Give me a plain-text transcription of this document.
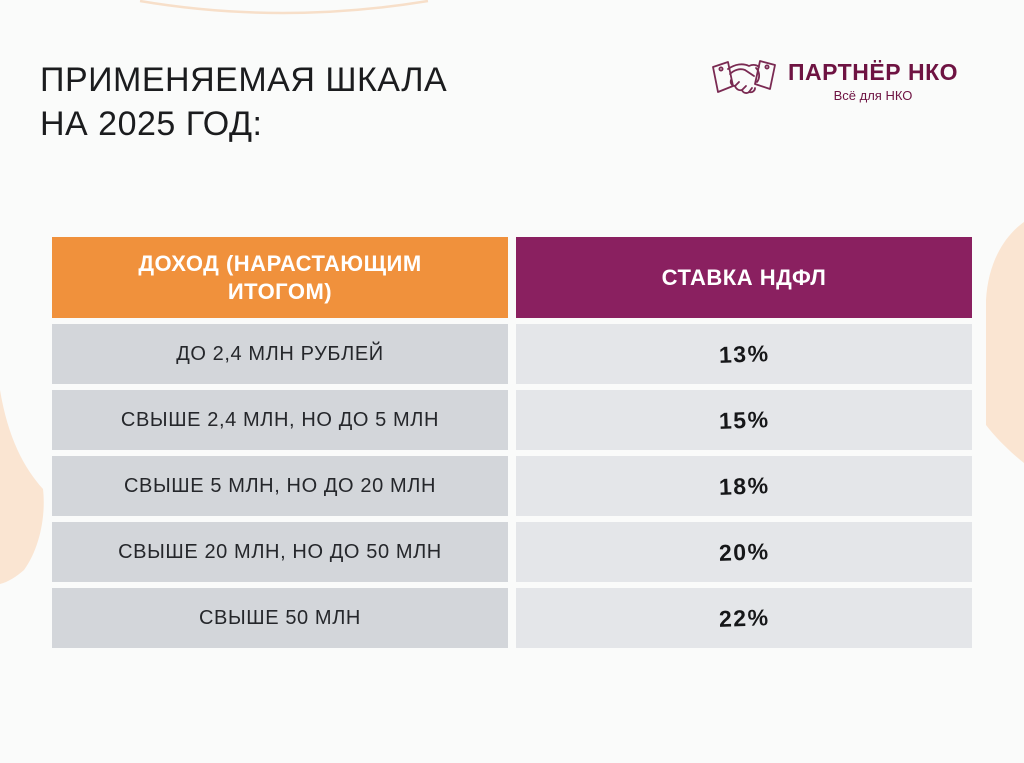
ПРИМЕНЯЕМАЯ ШКАЛА
НА 2025 ГОД:
ПАРТНЁР НКО
Всё для НКО
ДОХОД (НАРАСТАЮЩИМ ИТОГОМ)
СТАВКА НДФЛ
ДО 2,4 МЛН РУБЛЕЙ	13%
СВЫШЕ 2,4 МЛН, НО ДО 5 МЛН	15%
СВЫШЕ 5 МЛН, НО ДО 20 МЛН	18%
СВЫШЕ 20 МЛН, НО ДО 50 МЛН	20%
СВЫШЕ 50 МЛН	22%
